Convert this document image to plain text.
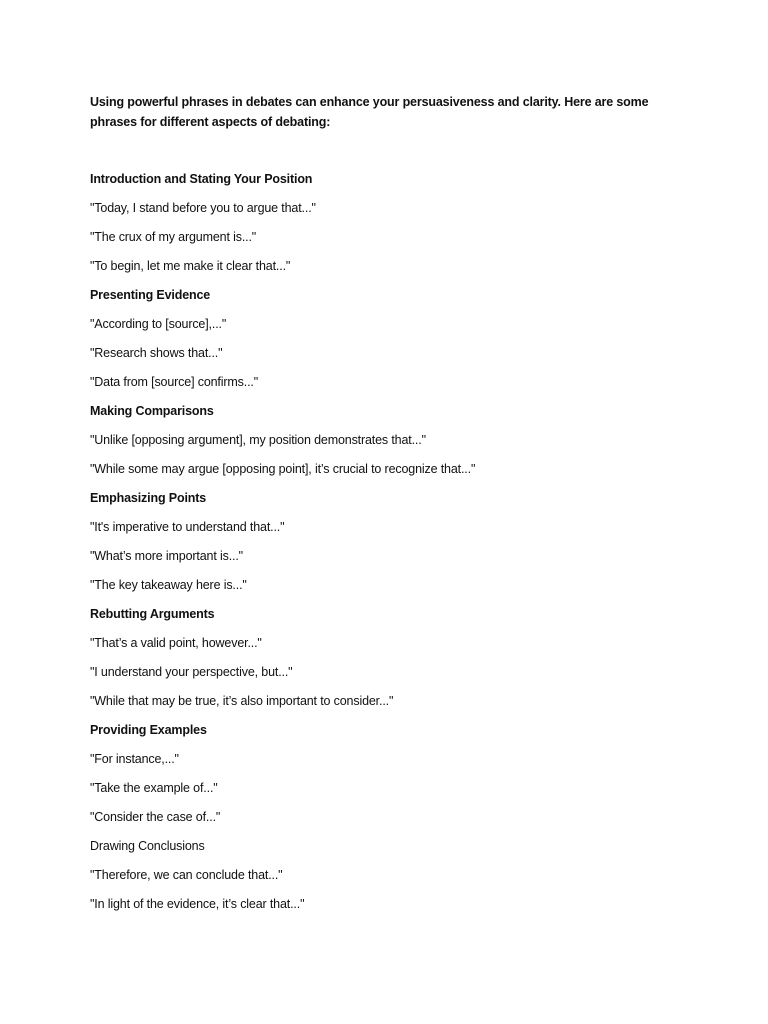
Using powerful phrases in debates can enhance your persuasiveness and clarity. Here are some phrases for different aspects of debating:

Introduction and Stating Your Position
"Today, I stand before you to argue that..."
"The crux of my argument is..."
"To begin, let me make it clear that..."
Presenting Evidence
"According to [source],..."
"Research shows that..."
"Data from [source] confirms..."
Making Comparisons
"Unlike [opposing argument], my position demonstrates that..."
"While some may argue [opposing point], it’s crucial to recognize that..."
Emphasizing Points
"It's imperative to understand that..."
"What’s more important is..."
"The key takeaway here is..."
Rebutting Arguments
"That’s a valid point, however..."
"I understand your perspective, but..."
"While that may be true, it’s also important to consider..."
Providing Examples
"For instance,..."
"Take the example of..."
"Consider the case of..."
Drawing Conclusions
"Therefore, we can conclude that..."
"In light of the evidence, it’s clear that..."
